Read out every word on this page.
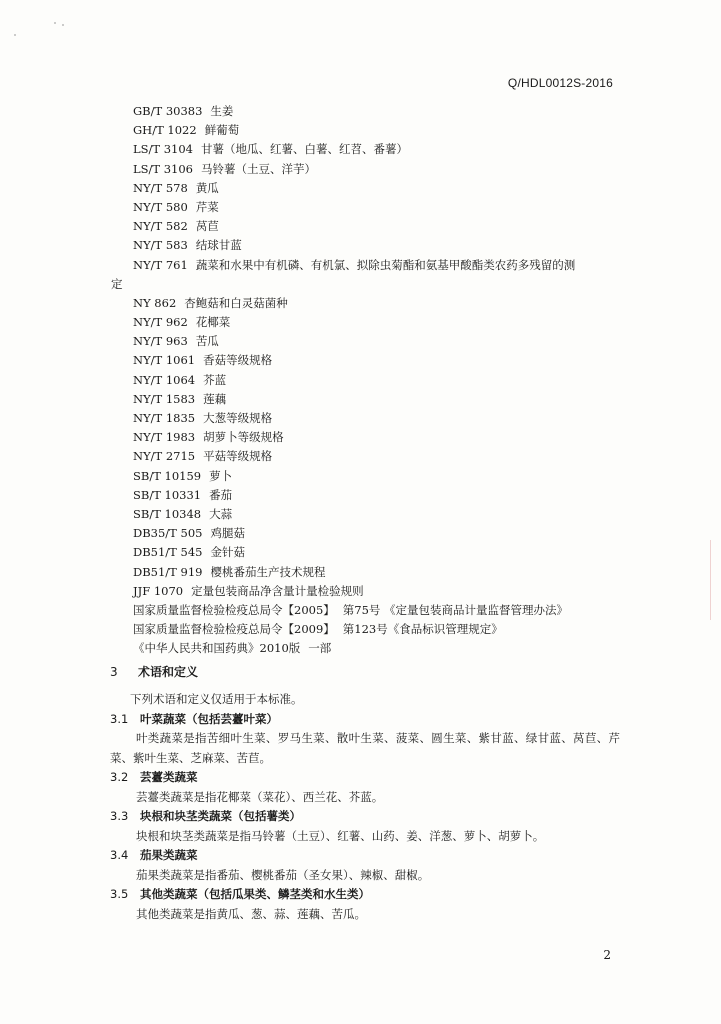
Q/HDL0012S-2016
GB/T 30383 生姜
GH/T 1022 鲜葡萄
LS/T 3104 甘薯（地瓜、红薯、白薯、红苕、番薯）
LS/T 3106 马铃薯（土豆、洋芋）
NY/T 578 黄瓜
NY/T 580 芹菜
NY/T 582 莴苣
NY/T 583 结球甘蓝
NY/T 761 蔬菜和水果中有机磷、有机氯、拟除虫菊酯和氨基甲酸酯类农药多残留的测
定
NY 862 杏鲍菇和白灵菇菌种
NY/T 962 花椰菜
NY/T 963 苦瓜
NY/T 1061 香菇等级规格
NY/T 1064 芥蓝
NY/T 1583 莲藕
NY/T 1835 大葱等级规格
NY/T 1983 胡萝卜等级规格
NY/T 2715 平菇等级规格
SB/T 10159 萝卜
SB/T 10331 番茄
SB/T 10348 大蒜
DB35/T 505 鸡腿菇
DB51/T 545 金针菇
DB51/T 919 樱桃番茄生产技术规程
JJF 1070 定量包装商品净含量计量检验规则
国家质量监督检验检疫总局令【2005】 第75号 《定量包装商品计量监督管理办法》
国家质量监督检验检疫总局令【2009】 第123号《食品标识管理规定》
《中华人民共和国药典》2010版 一部
3 术语和定义
下列术语和定义仅适用于本标准。
3.1 叶菜蔬菜（包括芸薹叶菜）
叶类蔬菜是指苦细叶生菜、罗马生菜、散叶生菜、菠菜、圆生菜、紫甘蓝、绿甘蓝、莴苣、芹菜、紫叶生菜、芝麻菜、苦苣。
3.2 芸薹类蔬菜
芸薹类蔬菜是指花椰菜（菜花）、西兰花、芥蓝。
3.3 块根和块茎类蔬菜（包括薯类）
块根和块茎类蔬菜是指马铃薯（土豆）、红薯、山药、姜、洋葱、萝卜、胡萝卜。
3.4 茄果类蔬菜
茄果类蔬菜是指番茄、樱桃番茄（圣女果）、辣椒、甜椒。
3.5 其他类蔬菜（包括瓜果类、鳞茎类和水生类）
其他类蔬菜是指黄瓜、葱、蒜、莲藕、苦瓜。
2
